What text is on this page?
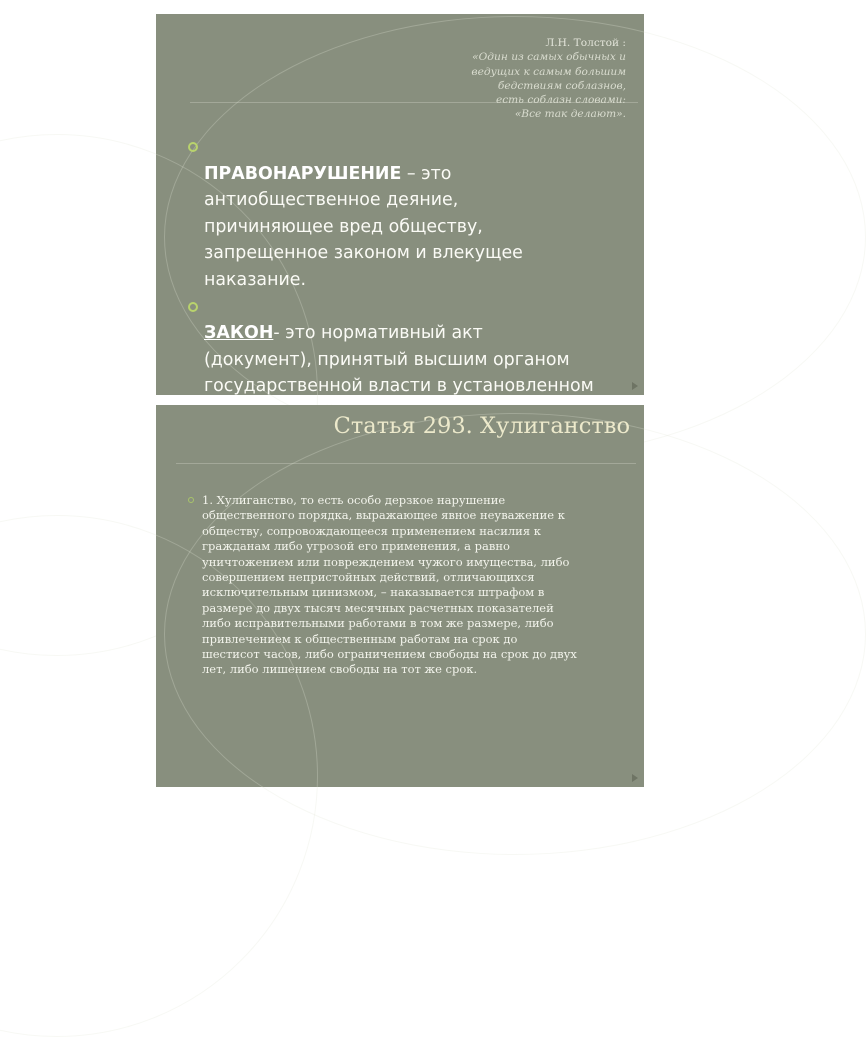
Л.Н. Толстой :
«Один из самых обычных и
ведущих к самым большим
бедствиям соблазнов,
есть соблазн словами:
«Все так делают».

ПРАВОНАРУШЕНИЕ – это
антиобщественное деяние,
причиняющее вред обществу,
запрещенное законом и влекущее
наказание.

ЗАКОН- это нормативный акт
(документ), принятый высшим органом
государственной власти в установленном

Статья 293. Хулиганство
1. Хулиганство, то есть особо дерзкое нарушение
общественного порядка, выражающее явное неуважение к
обществу, сопровождающееся применением насилия к
гражданам либо угрозой его применения, а равно
уничтожением или повреждением чужого имущества, либо
совершением непристойных действий, отличающихся
исключительным цинизмом, – наказывается штрафом в
размере до двух тысяч месячных расчетных показателей
либо исправительными работами в том же размере, либо
привлечением к общественным работам на срок до
шестисот часов, либо ограничением свободы на срок до двух
лет, либо лишением свободы на тот же срок.
